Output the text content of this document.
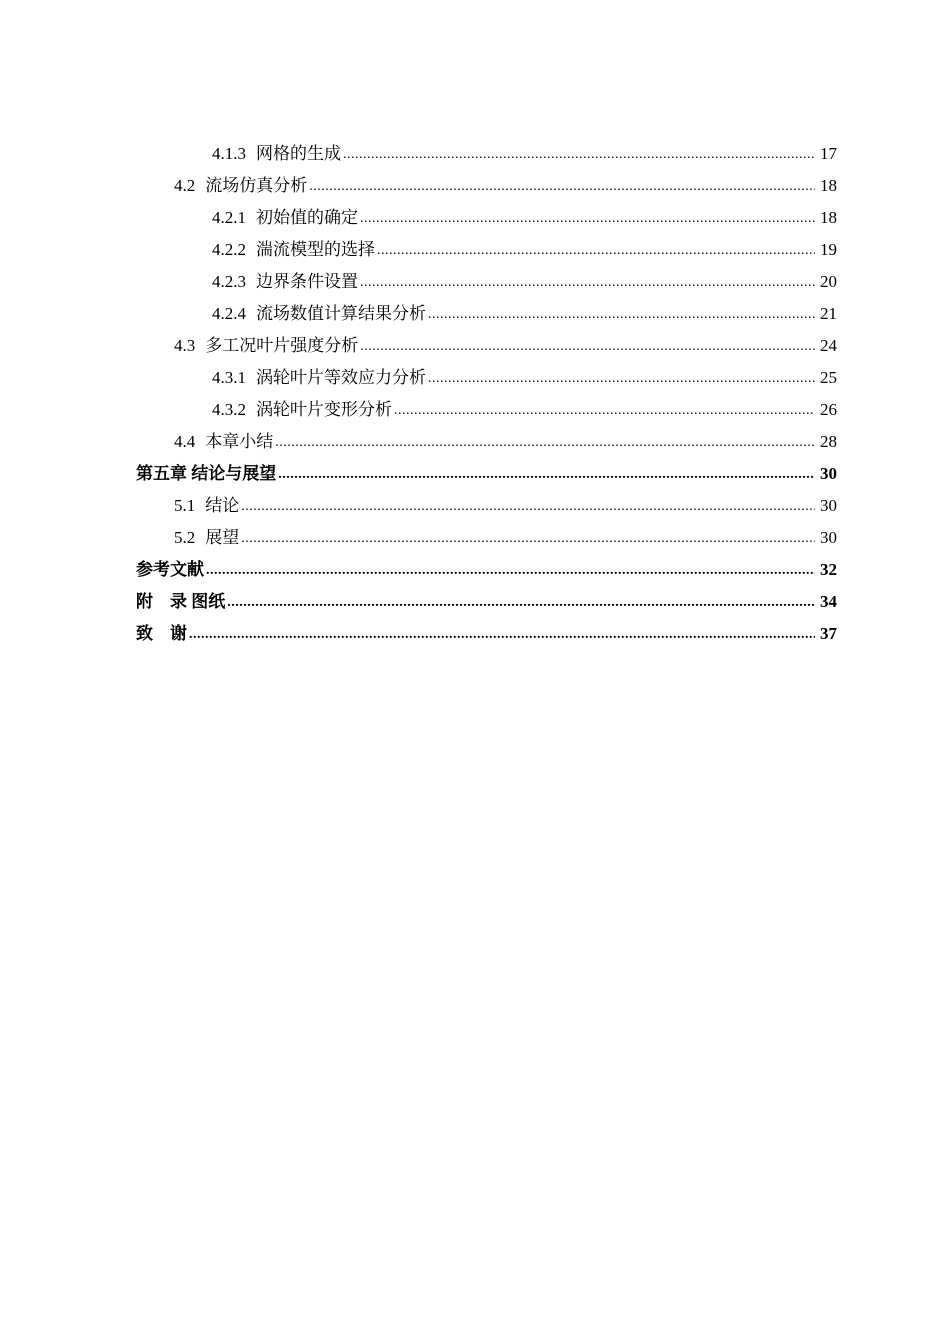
4.1.3 网格的生成 .....	17
4.2 流场仿真分析 .....	18
4.2.1 初始值的确定 .....	18
4.2.2 湍流模型的选择 .....	19
4.2.3 边界条件设置 .....	20
4.2.4 流场数值计算结果分析 .....	21
4.3 多工况叶片强度分析 .....	24
4.3.1 涡轮叶片等效应力分析 .....	25
4.3.2 涡轮叶片变形分析 .....	26
4.4 本章小结 .....	28
第五章 结论与展望 .....	30
5.1 结论 .....	30
5.2 展望 .....	30
参考文献 .....	32
附　录 图纸 .....	34
致　谢 .....	37
